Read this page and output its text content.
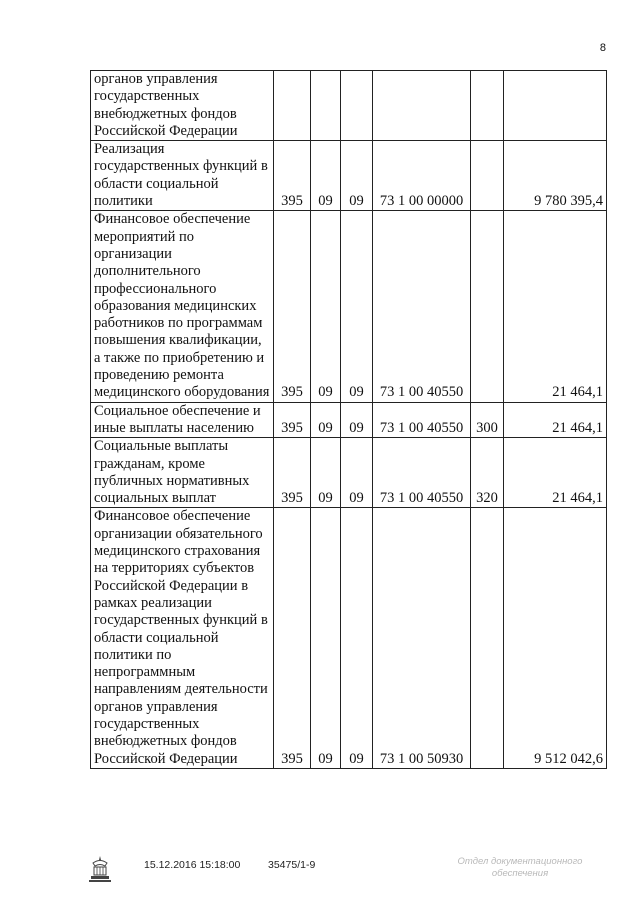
8
органов управления государственных внебюджетных фондов Российской Федерации						
Реализация государственных функций в области социальной политики	395	09	09	73 1 00 00000		9 780 395,4
Финансовое обеспечение мероприятий по организации дополнительного профессионального образования медицинских работников по программам повышения квалификации, а также по приобретению и проведению ремонта медицинского оборудования	395	09	09	73 1 00 40550		21 464,1
Социальное обеспечение и иные выплаты населению	395	09	09	73 1 00 40550	300	21 464,1
Социальные выплаты гражданам, кроме публичных нормативных социальных выплат	395	09	09	73 1 00 40550	320	21 464,1
Финансовое обеспечение организации обязательного медицинского страхования на территориях субъектов Российской Федерации в рамках реализации государственных функций в области социальной политики по непрограммным направлениям деятельности органов управления государственных внебюджетных фондов Российской Федерации	395	09	09	73 1 00 50930		9 512 042,6
15.12.2016 15:18:00	35475/1-9	Отдел документационного обеспечения
